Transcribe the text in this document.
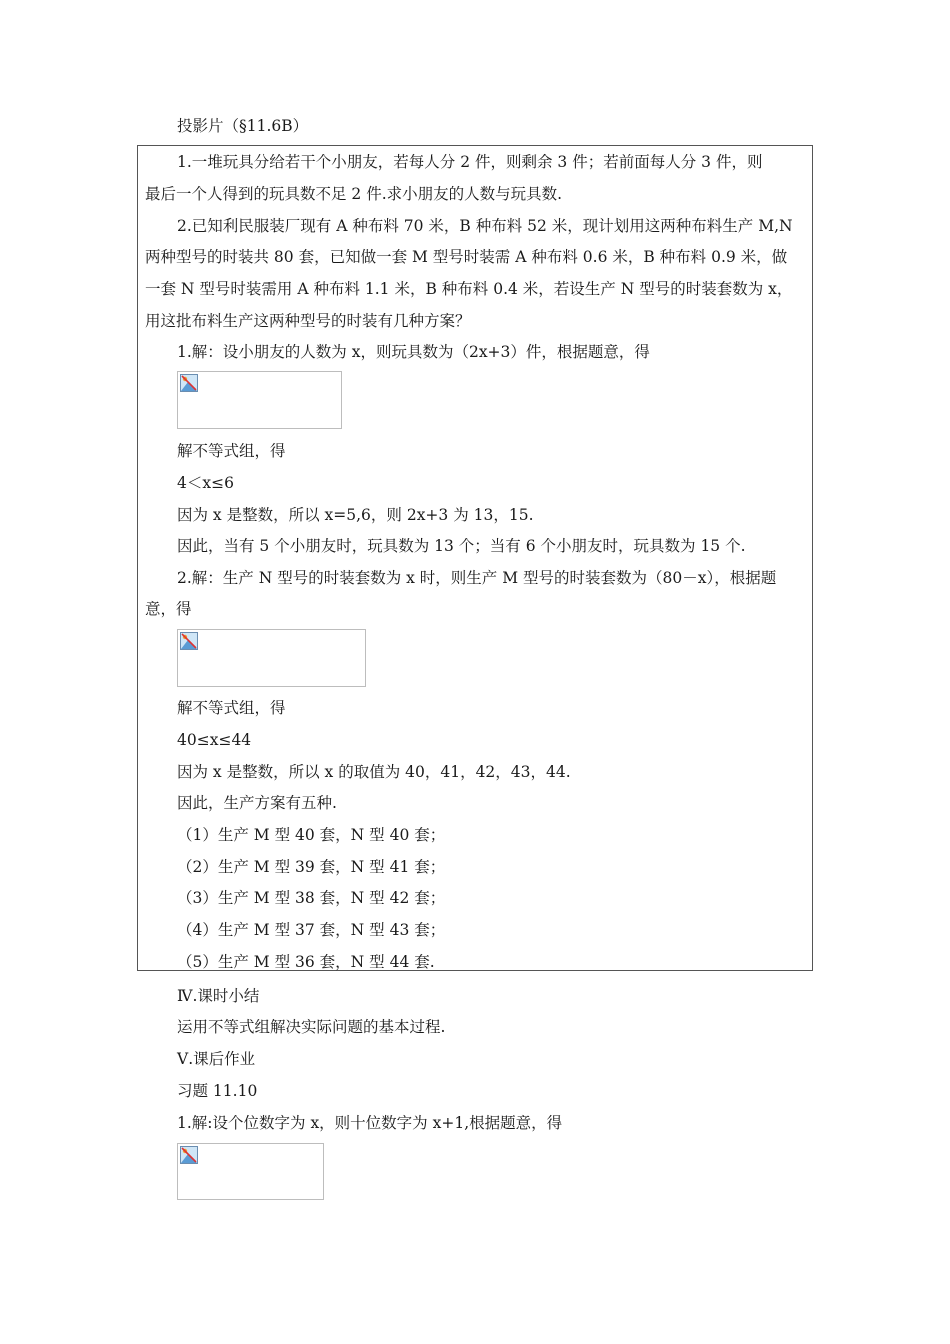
投影片（§11.6B）
1.一堆玩具分给若干个小朋友，若每人分 2 件，则剩余 3 件；若前面每人分 3 件，则
最后一个人得到的玩具数不足 2 件.求小朋友的人数与玩具数.
2.已知利民服装厂现有 A 种布料 70 米，B 种布料 52 米，现计划用这两种布料生产 M,N
两种型号的时装共 80 套，已知做一套 M 型号时装需 A 种布料 0.6 米，B 种布料 0.9 米，做
一套 N 型号时装需用 A 种布料 1.1 米，B 种布料 0.4 米，若设生产 N 型号的时装套数为 x，
用这批布料生产这两种型号的时装有几种方案？
1.解：设小朋友的人数为 x，则玩具数为（2x+3）件，根据题意，得
解不等式组，得
4＜x≤6
因为 x 是整数，所以 x=5,6，则 2x+3 为 13，15.
因此，当有 5 个小朋友时，玩具数为 13 个；当有 6 个小朋友时，玩具数为 15 个.
2.解：生产 N 型号的时装套数为 x 时，则生产 M 型号的时装套数为（80－x），根据题
意，得
解不等式组，得
40≤x≤44
因为 x 是整数，所以 x 的取值为 40，41，42，43，44.
因此，生产方案有五种.
（1）生产 M 型 40 套，N 型 40 套；
（2）生产 M 型 39 套，N 型 41 套；
（3）生产 M 型 38 套，N 型 42 套；
（4）生产 M 型 37 套，N 型 43 套；
（5）生产 M 型 36 套，N 型 44 套.
Ⅳ.课时小结
运用不等式组解决实际问题的基本过程.
Ⅴ.课后作业
习题 11.10
1.解:设个位数字为 x，则十位数字为 x+1,根据题意，得
